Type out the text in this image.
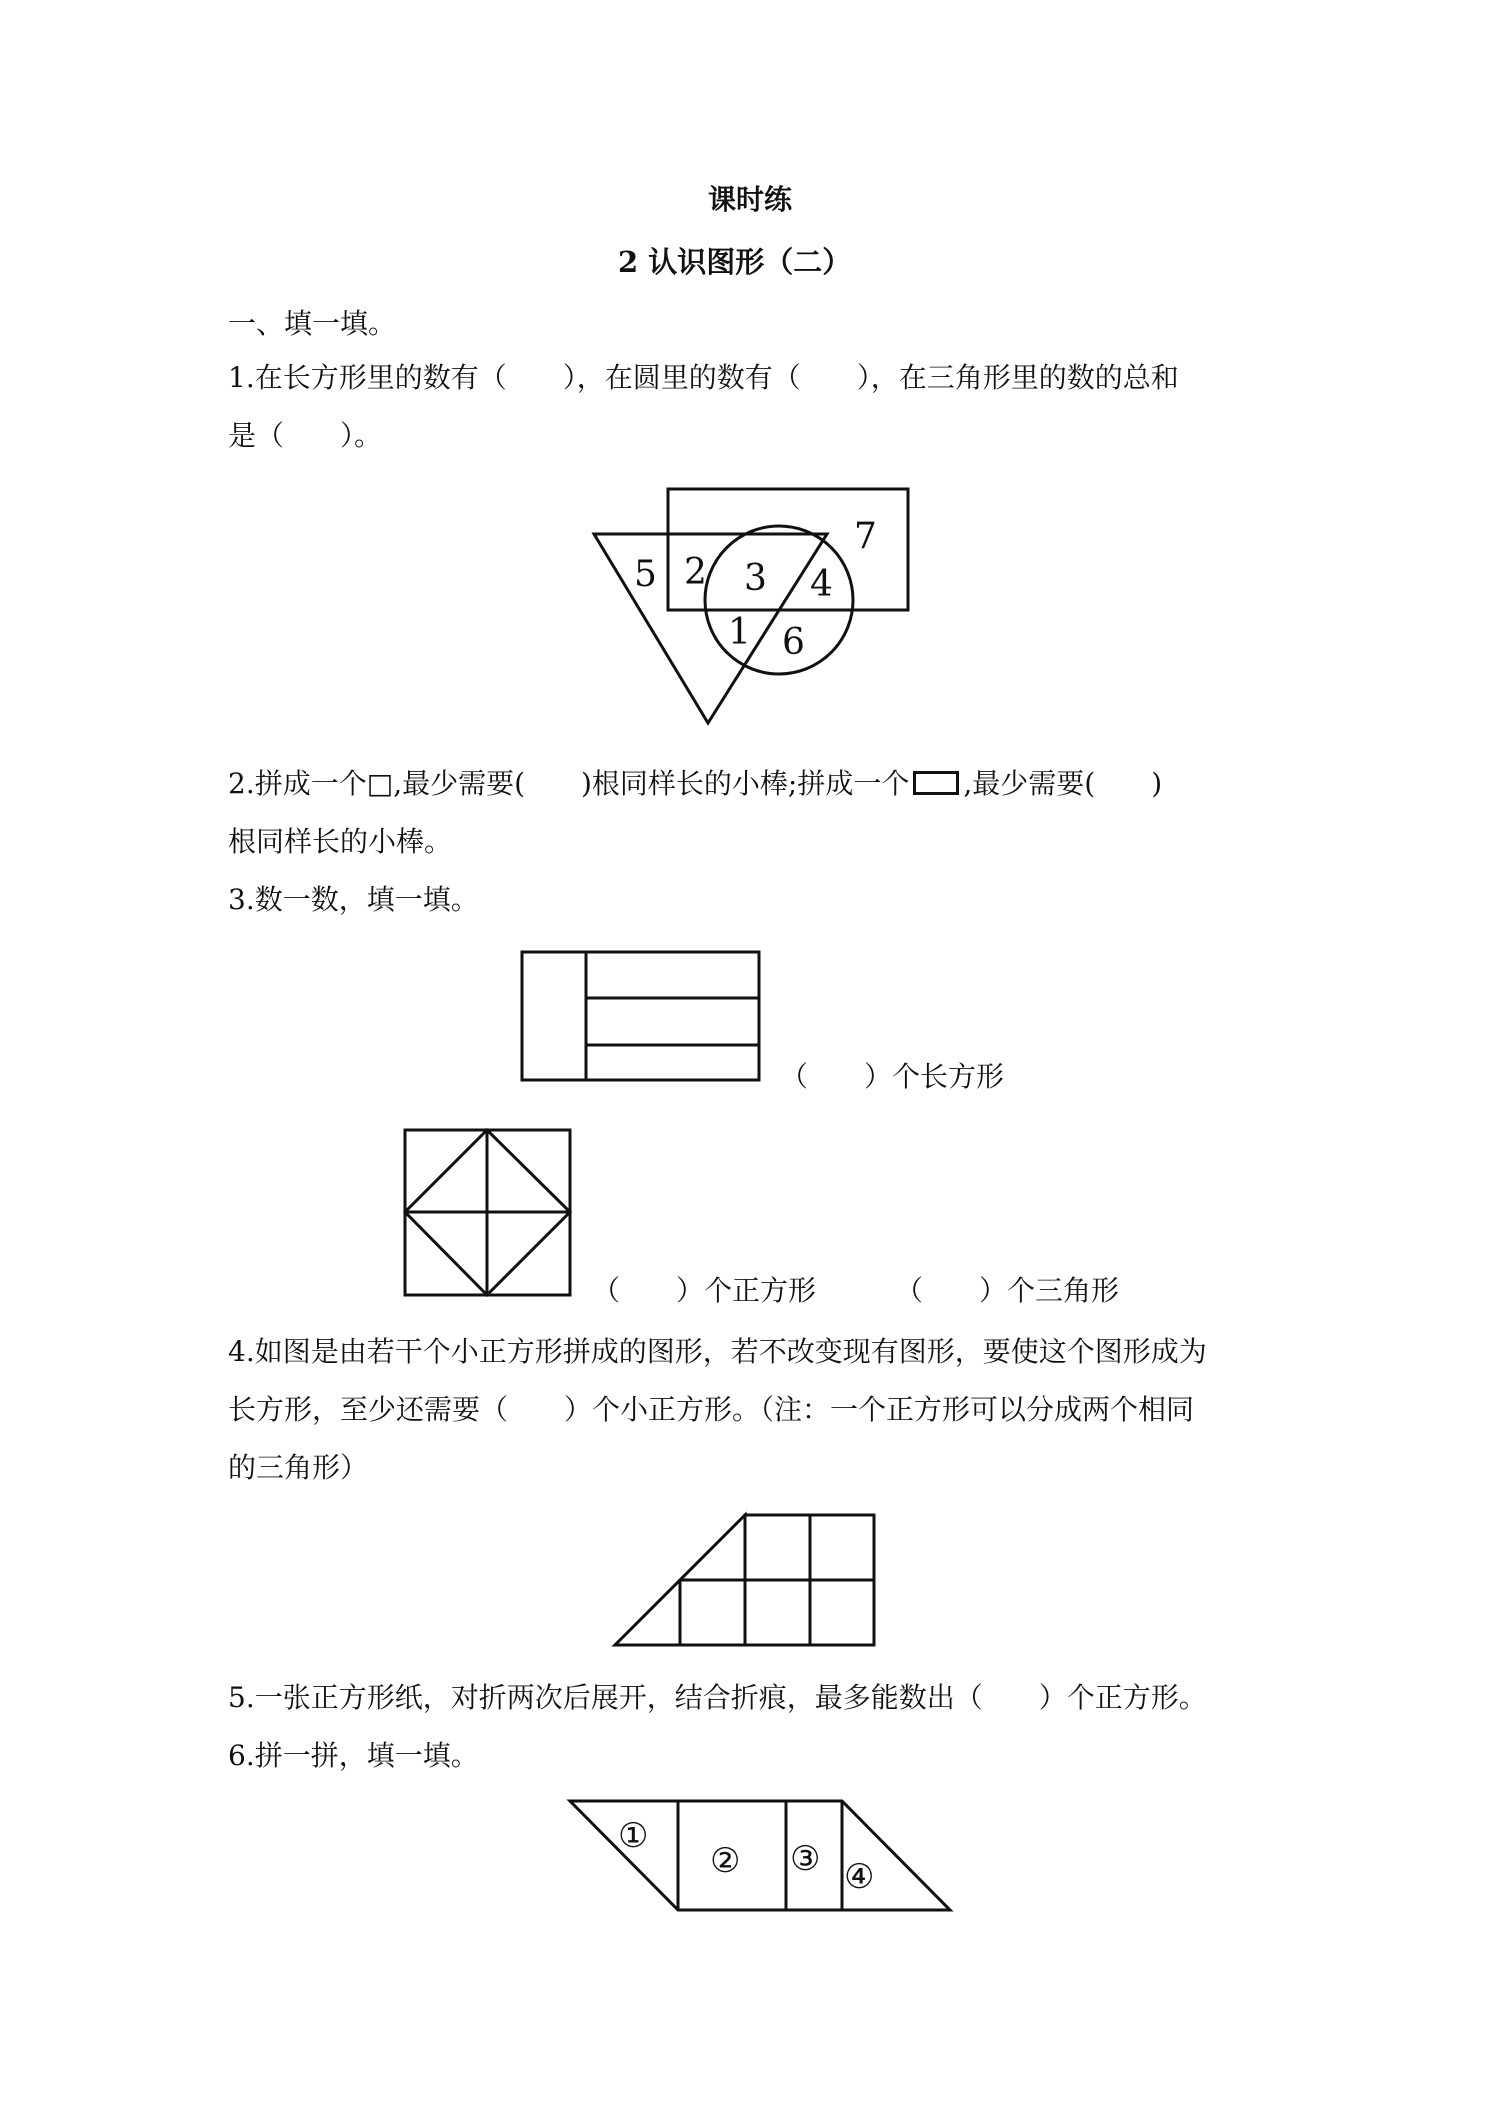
课时练
2 认识图形（二）
一、填一填。
1.在长方形里的数有（　　），在圆里的数有（　　），在三角形里的数的总和
是（　　）。
5 2 3 4
7
1 6
2.拼成一个□,最少需要(　　)根同样长的小棒;拼成一个 ,最少需要(　　)
根同样长的小棒。
3.数一数，填一填。
（　　）个长方形
（　　）个正方形	（　　）个三角形
4.如图是由若干个小正方形拼成的图形，若不改变现有图形，要使这个图形成为
长方形，至少还需要（　　）个小正方形。（注：一个正方形可以分成两个相同
的三角形）
5.一张正方形纸，对折两次后展开，结合折痕，最多能数出（　　）个正方形。
6.拼一拼，填一填。
①
② ③ ④
